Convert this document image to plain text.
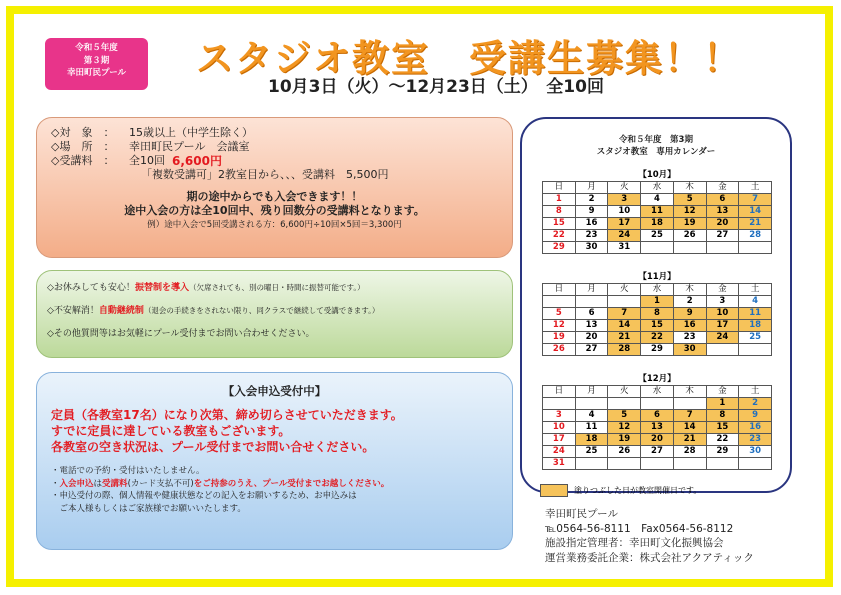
令和５年度
第３期
幸田町民プール	スタジオ教室　受講生募集！！
10月3日（火）～12月23日（土）　全10回
◇対　象　：	15歳以上（中学生除く）
◇場　所　：	幸田町民プール　会議室
◇受講料　：	全10回
6,600円
「複数受講可」2教室目から、、、受講料　5,500円
期の途中からでも入会できます！！
途中入会の方は全10回中、残り回数分の受講料となります。
例）途中入会で5回受講される方：6,600円÷10回×5回＝3,300円
◇お休みしても安心！振替制を導入（欠席されても、別の曜日・時間に振替可能です。）
◇不安解消！自動継続制（退会の手続きをされない限り、同クラスで継続して受講できます。）
◇その他質問等はお気軽にプール受付までお問い合わせください。
【入会申込受付中】
定員（各教室17名）になり次第、締め切らさせていただきます。
すでに定員に達している教室もございます。
各教室の空き状況は、プール受付までお問い合せください。
・電話での予約・受付はいたしません。
・入会申込は受講料(カード支払不可)をご持参のうえ、プール受付までお越しください。
・申込受付の際、個人情報や健康状態などの記入をお願いするため、お申込みは
　ご本人様もしくはご家族様でお願いいたします。
令和５年度　第3期
スタジオ教室　専用カレンダー
【10月】
日	月	火	水	木	金	土
1	2	3	4	5	6	7
8	9	10	11	12	13	14
15	16	17	18	19	20	21
22	23	24	25	26	27	28
29	30	31				
【11月】
日	月	火	水	木	金	土
			1	2	3	4
5	6	7	8	9	10	11
12	13	14	15	16	17	18
19	20	21	22	23	24	25
26	27	28	29	30		
【12月】
日	月	火	水	木	金	土
					1	2
3	4	5	6	7	8	9
10	11	12	13	14	15	16
17	18	19	20	21	22	23
24	25	26	27	28	29	30
31						
塗りつぶした日が教室開催日です。
幸田町民プール
℡0564-56-8111　Fax0564-56-8112
施設指定管理者：幸田町文化振興協会
運営業務委託企業：株式会社アクアティック
